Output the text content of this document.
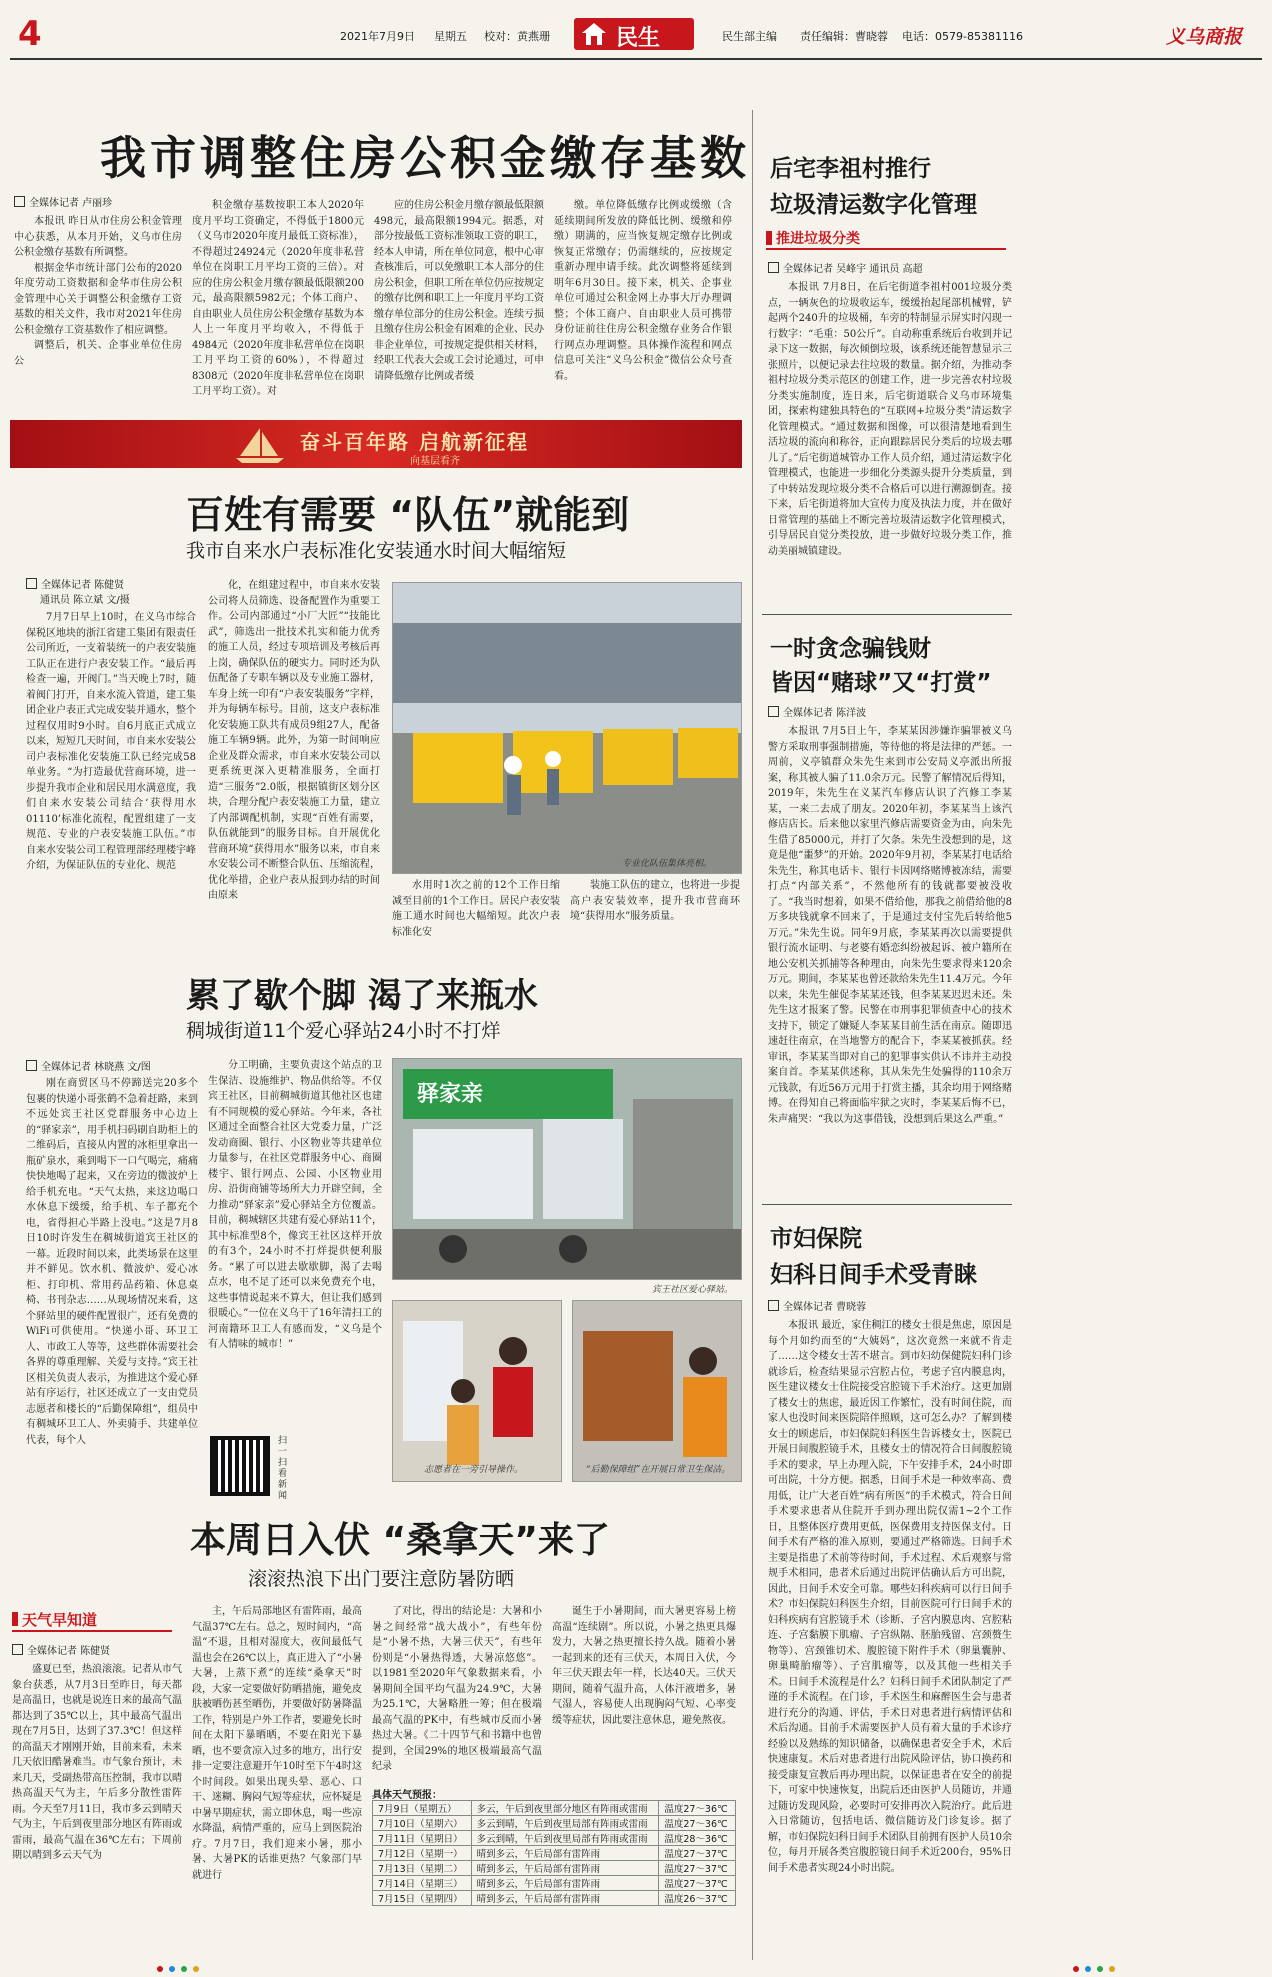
4	2021年7月9日 星期五 校对：黄燕珊	民生	民生部主编 责任编辑：曹晓蓉 电话：0579-85381116	义乌商报
我市调整住房公积金缴存基数
全媒体记者 卢丽珍

本报讯 昨日从市住房公积金管理中心获悉，从本月开始，义乌市住房公积金缴存基数有所调整。

根据金华市统计部门公布的2020年度劳动工资数据和金华市住房公积金管理中心关于调整公积金缴存工资基数的相关文件，我市对2021年住房公积金缴存工资基数作了相应调整。

调整后，机关、企事业单位住房公

积金缴存基数按职工本人2020年度月平均工资确定，不得低于1800元（义乌市2020年度月最低工资标准），不得超过24924元（2020年度非私营单位在岗职工月平均工资的三倍）。对应的住房公积金月缴存额最低限额200元，最高限额5982元；个体工商户、自由职业人员住房公积金缴存基数为本人上一年度月平均收入，不得低于4984元（2020年度非私营单位在岗职工月平均工资的60%），不得超过8308元（2020年度非私营单位在岗职工月平均工资）。对

应的住房公积金月缴存额最低限额498元，最高限额1994元。据悉，对部分按最低工资标准领取工资的职工，经本人申请，所在单位同意，根中心审查核准后，可以免缴职工本人部分的住房公积金，但职工所在单位仍应按规定的缴存比例和职工上一年度月平均工资缴存单位部分的住房公积金。连续亏损且缴存住房公积金有困难的企业、民办非企业单位，可按规定提供相关材料，经职工代表大会或工会讨论通过，可申请降低缴存比例或者缓

缴。单位降低缴存比例或缓缴（含延续期间所发放的降低比例、缓缴和停缴）期满的，应当恢复规定缴存比例或恢复正常缴存；仍需继续的，应按规定重新办理申请手续。此次调整将延续到明年6月30日。接下来，机关、企事业单位可通过公积金网上办事大厅办理调整；个体工商户、自由职业人员可携带身份证前往住房公积金缴存业务合作银行网点办理调整。具体操作流程和网点信息可关注“义乌公积金”微信公众号查看。

奋斗百年路 启航新征程
向基层看齐
百姓有需要 “队伍”就能到
我市自来水户表标准化安装通水时间大幅缩短
全媒体记者 陈健贤
通讯员 陈立斌 文/摄

7月7日早上10时，在义乌市综合保税区地块的浙江省建工集团有限责任公司所近，一支着装统一的户表安装施工队正在进行户表安装工作。“最后再检查一遍，开阀门。”当天晚上7时，随着阀门打开，自来水流入管道，建工集团企业户表正式完成安装并通水，整个过程仅用时9小时。自6月底正式成立以来，短短几天时间，市自来水安装公司户表标准化安装施工队已经完成58单业务。“为打造最优营商环境，进一步提升我市企业和居民用水满意度，我们自来水安装公司结合‘获得用水01110’标准化流程，配置组建了一支规范、专业的户表安装施工队伍。”市自来水安装公司工程管理部经理楼宇峰介绍，为保证队伍的专业化、规范

化，在组建过程中，市自来水安装公司将人员筛选、设备配置作为重要工作。公司内部通过“小厂大匠”“技能比武”，筛选出一批技术扎实和能力优秀的施工人员，经过专项培训及考核后再上岗，确保队伍的硬实力。同时还为队伍配备了专职车辆以及专业施工器材，车身上统一印有“户表安装服务”字样，并为每辆车标号。目前，这支户表标准化安装施工队共有成员9组27人，配备施工车辆9辆。此外，为第一时间响应企业及群众需求，市自来水安装公司以更系统更深入更精准服务，全面打造“三服务”2.0版，根据镇街区划分区块，合理分配户表安装施工力量，建立了内部调配机制，实现“百姓有需要，队伍就能到”的服务目标。自开展优化营商环境“获得用水”服务以来，市自来水安装公司不断整合队伍、压缩流程，优化举措，企业户表从报到办结的时间由原来

专业化队伍集体亮相。

水用时1次之前的12个工作日缩减至目前的1个工作日。居民户表安装施工通水时间也大幅缩短。此次户表标准化安

装施工队伍的建立，也将进一步提高户表安装效率，提升我市营商环境“获得用水”服务质量。

累了歇个脚 渴了来瓶水
稠城街道11个爱心驿站24小时不打烊
全媒体记者 林晓燕 文/图

刚在商贸区马不停蹄送完20多个包裹的快递小哥张鹤不急着赶路，来到不远处宾王社区党群服务中心边上的“驿家亲”，用手机扫码刷自助柜上的二维码后，直接从内置的冰柜里拿出一瓶矿泉水，乘到喝下一口气喝完，痛痛快快地喝了起来，又在旁边的微波炉上给手机充电。“天气太热，来这边喝口水休息下缓缓，给手机、车子都充个电，省得担心半路上没电。”这是7月8日10时许发生在稠城街道宾王社区的一幕。近段时间以来，此类场景在这里并不鲜见。饮水机、微波炉、爱心冰柜、打印机、常用药品药箱、休息桌椅、书刊杂志……从现场情况来看，这个驿站里的硬件配置很广，还有免费的WiFi可供使用。“快递小哥、环卫工人、市政工人等等，这些群体需要社会各界的尊重理解、关爱与支持。”宾王社区相关负责人表示，为推进这个爱心驿站有序运行，社区还成立了一支由党员志愿者和楼长的“后勤保障组”，组员中有稠城环卫工人、外卖骑手、共建单位代表，每个人

分工明确，主要负责这个站点的卫生保洁、设施维护、物品供给等。不仅宾王社区，目前稠城街道其他社区也建有不同规模的爱心驿站。今年来，各社区通过全面整合社区大党委力量，广泛发动商圈、银行、小区物业等共建单位力量参与，在社区党群服务中心、商圈楼宇、银行网点、公园、小区物业用房、沿街商铺等场所大力开辟空间，全力推动“驿家亲”爱心驿站全方位覆盖。目前，稠城辖区共建有爱心驿站11个，其中标准型8个，像宾王社区这样开放的有3个，24小时不打烊提供便利服务。“累了可以进去歇歇脚，渴了去喝点水，电不足了还可以来免费充个电，这些事情说起来不算大，但让我们感到很暖心。”一位在义乌干了16年清扫工的河南籍环卫工人有感而发，“义乌是个有人情味的城市！”

扫一扫看新闻
驿家亲
宾王社区爱心驿站。
志愿者在一旁引导操作。	“后勤保障组”在开展日常卫生保洁。
本周日入伏 “桑拿天”来了
滚滚热浪下出门要注意防暑防晒
天气早知道
全媒体记者 陈健贤

盛夏已至，热浪滚滚。记者从市气象台获悉，从7月3日至昨日，每天都是高温日，也就是说连日来的最高气温都达到了35℃以上，其中最高气温出现在7月5日，达到了37.3℃！但这样的高温天才刚刚开始，目前来看，未来几天依旧酷暑难当。市气象台预计，未来几天，受副热带高压控制，我市以晴热高温天气为主，午后多分散性雷阵雨。今天至7月11日，我市多云到晴天气为主，午后到夜里部分地区有阵雨或雷雨，最高气温在36℃左右；下周前期以晴到多云天气为

主，午后局部地区有雷阵雨，最高气温37℃左右。总之，短时间内，“高温”不退，且相对湿度大，夜间最低气温也会在26℃以上，真正进入了“小暑大暑，上蒸下煮”的连续“桑拿天”时段，大家一定要做好防晒措施，避免皮肤被晒伤甚至晒伤，并要做好防暑降温工作，特别是户外工作者，要避免长时间在太阳下暴晒晒，不要在阳光下暴晒，也不要贪凉入过多的地方，出行安排一定要注意避开午10时至下午4时这个时间段。如果出现头晕、恶心、口干、迷糊、胸闷气短等症状，应怀疑是中暑早期症状，需立即休息，喝一些凉水降温，病情严重的，应马上到医院治疗。7月7日，我们迎来小暑，那小暑、大暑PK的话谁更热？气象部门早就进行

了对比，得出的结论是：大暑和小暑之间经常“战大战小”，有些年份是“小暑不热，大暑三伏天”，有些年份则是“小暑热得透，大暑凉悠悠”。以1981至2020年气象数据来看，小暑期间全国平均气温为24.9℃，大暑为25.1℃，大暑略胜一筹；但在极端最高气温的PK中，有些城市反而小暑热过大暑。《二十四节气和书籍中也曾提到，全国29%的地区极端最高气温纪录

诞生于小暑期间，而大暑更容易上榜高温“连续剧”。所以说，小暑之热更具爆发力，大暑之热更擅长持久战。随着小暑一起到来的还有三伏天，本周日入伏，今年三伏天跟去年一样，长达40天。三伏天期间，随着气温升高，人体汗液增多，暑气湿人，容易使人出现胸闷气短、心率变缓等症状，因此要注意休息，避免熬夜。

具体天气预报：
7月9日（星期五）	多云，午后到夜里部分地区有阵雨或雷雨	温度27～36℃
7月10日（星期六）	多云到晴，午后到夜里局部有阵雨或雷雨	温度27～36℃
7月11日（星期日）	多云到晴，午后到夜里局部有阵雨或雷雨	温度28～36℃
7月12日（星期一）	晴到多云，午后局部有雷阵雨	温度27～37℃
7月13日（星期二）	晴到多云，午后局部有雷阵雨	温度27～37℃
7月14日（星期三）	晴到多云，午后局部有雷阵雨	温度27～37℃
7月15日（星期四）	晴到多云，午后局部有雷阵雨	温度26～37℃
后宅李祖村推行
垃圾清运数字化管理
推进垃圾分类
全媒体记者 吴峰宇 通讯员 高超

本报讯 7月8日，在后宅街道李祖村001垃圾分类点，一辆灰色的垃圾收运车，缓缓抬起尾部机械臂，铲起两个240升的垃圾桶，车旁的特制显示屏实时闪现一行数字：“毛重：50公斤”。自动称重系统后台收到并记录下这一数据，每次倾倒垃圾，该系统还能智慧显示三张照片，以便记录去往垃圾的数量。据介绍，为推动李祖村垃圾分类示范区的创建工作，进一步完善农村垃圾分类实施制度，连日来，后宅街道联合义乌市环境集团，探索构建独具特色的“互联网+垃圾分类”清运数字化管理模式。“通过数据和图像，可以很清楚地看到生活垃圾的流向和称谷，正向跟踪居民分类后的垃圾去哪儿了。”后宅街道城管办工作人员介绍，通过清运数字化管理模式，也能进一步细化分类源头提升分类质量，到了中转站发现垃圾分类不合格后可以进行溯源倒查。接下来，后宅街道将加大宣传力度及执法力度，并在做好日常管理的基础上不断完善垃圾清运数字化管理模式，引导居民自觉分类投放，进一步做好垃圾分类工作，推动美丽城镇建设。

一时贪念骗钱财
皆因“赌球”又“打赏”
全媒体记者 陈洋波

本报讯 7月5日上午，李某某因涉嫌诈骗罪被义乌警方采取刑事强制措施，等待他的将是法律的严惩。一周前，义亭镇群众朱先生来到市公安局义亭派出所报案，称其被人骗了11.0余万元。民警了解情况后得知，2019年，朱先生在义某汽车修店认识了汽修工李某某，一来二去成了朋友。2020年初，李某某当上该汽修店店长。后来他以家里汽修店需要资金为由，向朱先生借了85000元，并打了欠条。朱先生没想到的是，这竟是他“噩梦”的开始。2020年9月初，李某某打电话给朱先生，称其电话卡、银行卡因网络赌博被冻结，需要打点“内部关系”，不然他所有的钱就都要被没收了。“我当时想着，如果不借给他，那我之前借给他的8万多块钱就拿不回来了，于是通过支付宝先后转给他5万元。”朱先生说。同年9月底，李某某再次以需要提供银行流水证明、与老婆有婚恋纠纷被起诉、被户籍所在地公安机关抓捕等各种理由，向朱先生要求得来120余万元。期间，李某某也曾还款给朱先生11.4万元。今年以来，朱先生催促李某某还钱，但李某某迟迟未还。朱先生这才报案了警。民警在市刑事犯罪侦查中心的技术支持下，锁定了嫌疑人李某某目前生活在南京。随即迅速赶往南京，在当地警方的配合下，李某某被抓获。经审讯，李某某当即对自己的犯罪事实供认不讳并主动投案自首。李某某供述称，其从朱先生处骗得的110余万元钱款，有近56万元用于打赏主播，其余均用于网络赌博。在得知自己将面临牢狱之灾时，李某某后悔不已，朱声痛哭：“我以为这事借钱，没想到后果这么严重。”

市妇保院
妇科日间手术受青睐
全媒体记者 曹晓蓉

本报讯 最近，家住稠江的楼女士很是焦虑，原因是每个月如约而至的“大姨妈”，这次竟然一来就不肯走了……这令楼女士苦不堪言。到市妇幼保健院妇科门诊就诊后，检查结果显示宫腔占位，考虑子宫内膜息肉，医生建议楼女士住院接受宫腔镜下手术治疗。这更加剧了楼女士的焦虑，最近因工作繁忙，没有时间住院，而家人也没时间来医院陪伴照顾，这可怎么办？了解到楼女士的顾虑后，市妇保院妇科医生告诉楼女士，医院已开展日间腹腔镜手术，且楼女士的情况符合日间腹腔镜手术的要求，早上办理入院，下午安排手术，24小时即可出院，十分方便。据悉，日间手术是一种效率高、费用低，让广大老百姓“病有所医”的手术模式，符合日间手术要求患者从住院开手到办理出院仅需1~2个工作日，且整体医疗费用更低，医保费用支持医保支付。日间手术有严格的准入原则，要通过严格筛选。日间手术主要是指患了术前等待时间，手术过程、术后观察与常规手术相同，患者术后通过出院评估确认后方可出院，因此，日间手术安全可靠。哪些妇科疾病可以行日间手术？市妇保院妇科医生介绍，目前医院可行日间手术的妇科疾病有宫腔镜手术（诊断、子宫内膜息肉、宫腔粘连、子宫黏膜下肌瘤、子宫纵隔、胚胎残留、宫颈赘生物等）、宫颈锥切术、腹腔镜下附件手术（卵巢囊肿、卵巢畸胎瘤等）、子宫肌瘤等，以及其他一些相关手术。日间手术流程是什么？妇科日间手术团队制定了严谨的手术流程。在门诊，手术医生和麻醉医生会与患者进行充分的沟通、评估，手术日对患者进行病情评估和术后沟通。目前手术需要医护人员有着大量的手术诊疗经验以及熟练的知识储备，以确保患者安全手术，术后快速康复。术后对患者进行出院风险评估，协口换药和接受康复宣教后再办理出院，以保证患者在安全的前提下，可家中快速恢复，出院后还由医护人员随访，并通过随访发现风险，必要时可安排再次入院治疗。此后进入日常随访，包括电话、微信随访及门诊复诊。据了解，市妇保院妇科日间手术团队目前拥有医护人员10余位，每月开展各类宫腹腔镜日间手术近200台，95%日间手术患者实现24小时出院。
